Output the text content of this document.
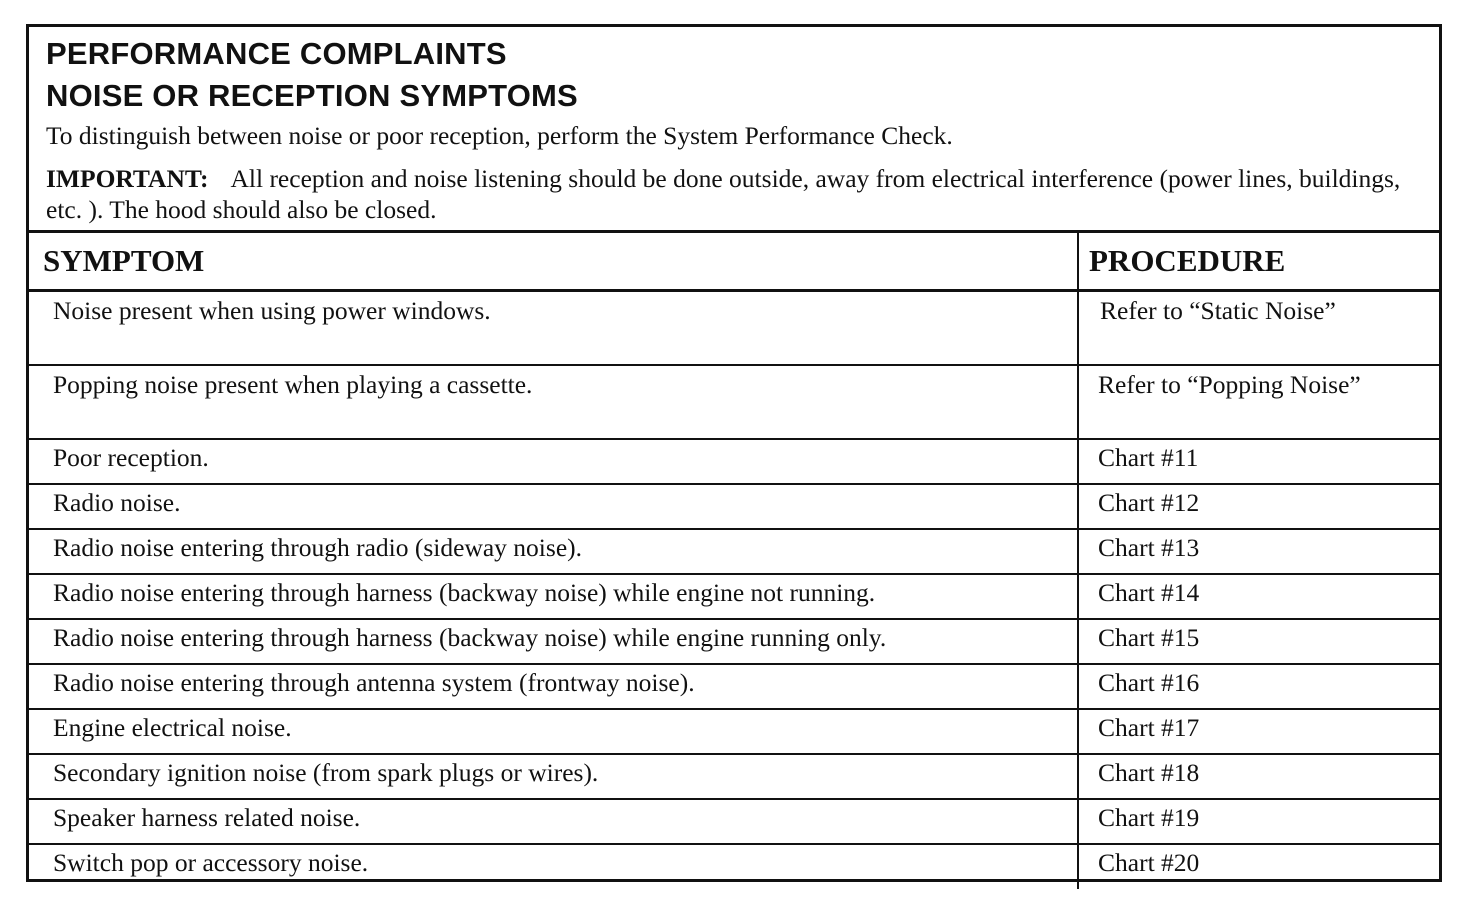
PERFORMANCE COMPLAINTS
NOISE OR RECEPTION SYMPTOMS
To distinguish between noise or poor reception, perform the System Performance Check.
IMPORTANT: All reception and noise listening should be done outside, away from electrical interference (power lines, buildings, etc. ). The hood should also be closed.
SYMPTOM	PROCEDURE
Noise present when using power windows.	Refer to “Static Noise”
Popping noise present when playing a cassette.	Refer to “Popping Noise”
Poor reception.	Chart #11
Radio noise.	Chart #12
Radio noise entering through radio (sideway noise).	Chart #13
Radio noise entering through harness (backway noise) while engine not running.	Chart #14
Radio noise entering through harness (backway noise) while engine running only.	Chart #15
Radio noise entering through antenna system (frontway noise).	Chart #16
Engine electrical noise.	Chart #17
Secondary ignition noise (from spark plugs or wires).	Chart #18
Speaker harness related noise.	Chart #19
Switch pop or accessory noise.	Chart #20
